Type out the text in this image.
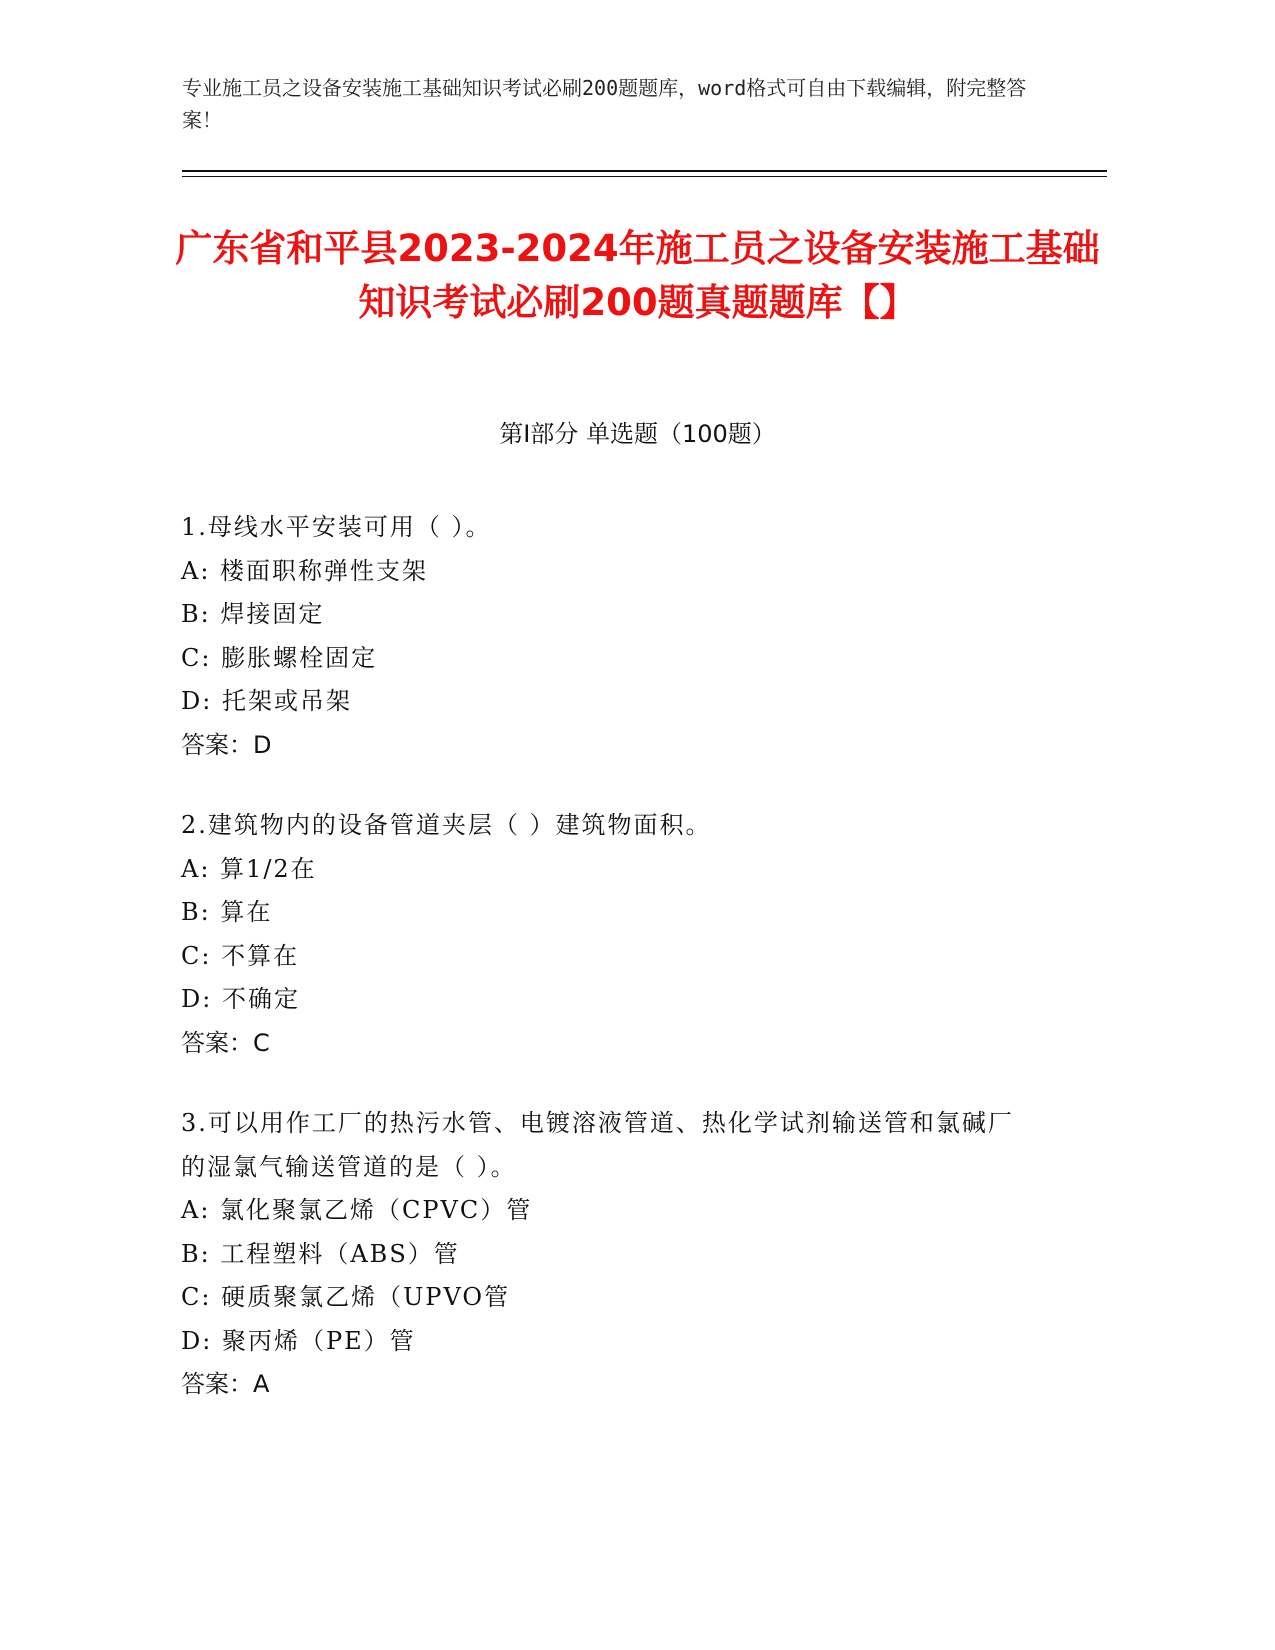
专业施工员之设备安装施工基础知识考试必刷200题题库，word格式可自由下载编辑，附完整答案！
广东省和平县2023-2024年施工员之设备安装施工基础知识考试必刷200题真题题库【】
第I部分 单选题（100题）
1.母线水平安装可用（ ）。
A: 楼面职称弹性支架
B: 焊接固定
C: 膨胀螺栓固定
D: 托架或吊架
答案：D
2.建筑物内的设备管道夹层（ ）建筑物面积。
A: 算1/2在
B: 算在
C: 不算在
D: 不确定
答案：C
3.可以用作工厂的热污水管、电镀溶液管道、热化学试剂输送管和氯碱厂的湿氯气输送管道的是（ ）。
A: 氯化聚氯乙烯（CPVC）管
B: 工程塑料（ABS）管
C: 硬质聚氯乙烯（UPVO管
D: 聚丙烯（PE）管
答案：A
